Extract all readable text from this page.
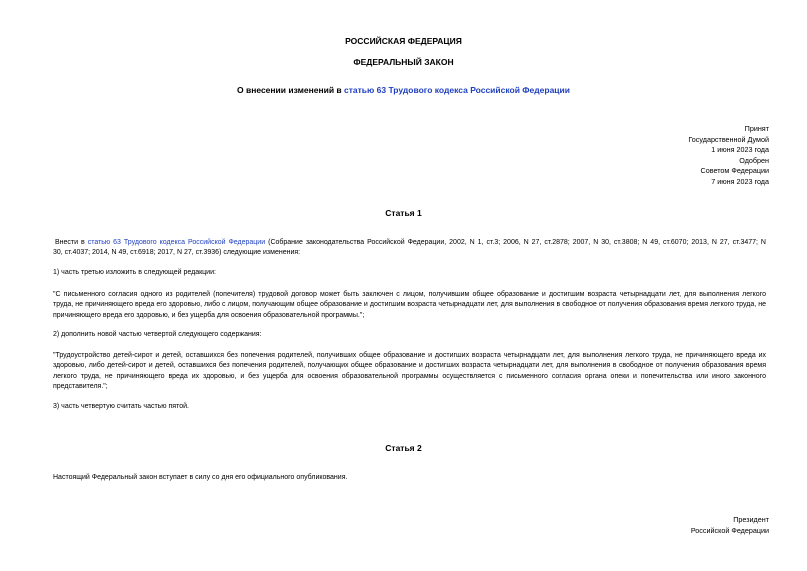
РОССИЙСКАЯ ФЕДЕРАЦИЯ
ФЕДЕРАЛЬНЫЙ ЗАКОН
О внесении изменений в статью 63 Трудового кодекса Российской Федерации
Принят
Государственной Думой
1 июня 2023 года
Одобрен
Советом Федерации
7 июня 2023 года
Статья 1
Внести в статью 63 Трудового кодекса Российской Федерации (Собрание законодательства Российской Федерации, 2002, N 1, ст.3; 2006, N 27, ст.2878; 2007, N 30, ст.3808; N 49, ст.6070; 2013, N 27, ст.3477; N
30, ст.4037; 2014, N 49, ст.6918; 2017, N 27, ст.3936) следующие изменения:
1) часть третью изложить в следующей редакции:
"С письменного согласия одного из родителей (попечителя) трудовой договор может быть заключен с лицом, получившим общее образование и достигшим возраста четырнадцати лет, для выполнения легкого
труда, не причиняющего вреда его здоровью, либо с лицом, получающим общее образование и достигшим возраста четырнадцати лет, для выполнения в свободное от получения образования время легкого труда, не
причиняющего вреда его здоровью, и без ущерба для освоения образовательной программы.";
2) дополнить новой частью четвертой следующего содержания:
"Трудоустройство детей-сирот и детей, оставшихся без попечения родителей, получивших общее образование и достигших возраста четырнадцати лет, для выполнения легкого труда, не причиняющего вреда их
здоровью, либо детей-сирот и детей, оставшихся без попечения родителей, получающих общее образование и достигших возраста четырнадцати лет, для выполнения в свободное от получения образования время
легкого труда, не причиняющего вреда их здоровью, и без ущерба для освоения образовательной программы осуществляется с письменного согласия органа опеки и попечительства или иного законного
представителя.";
3) часть четвертую считать частью пятой.
Статья 2
Настоящий Федеральный закон вступает в силу со дня его официального опубликования.
Президент
Российской Федерации
